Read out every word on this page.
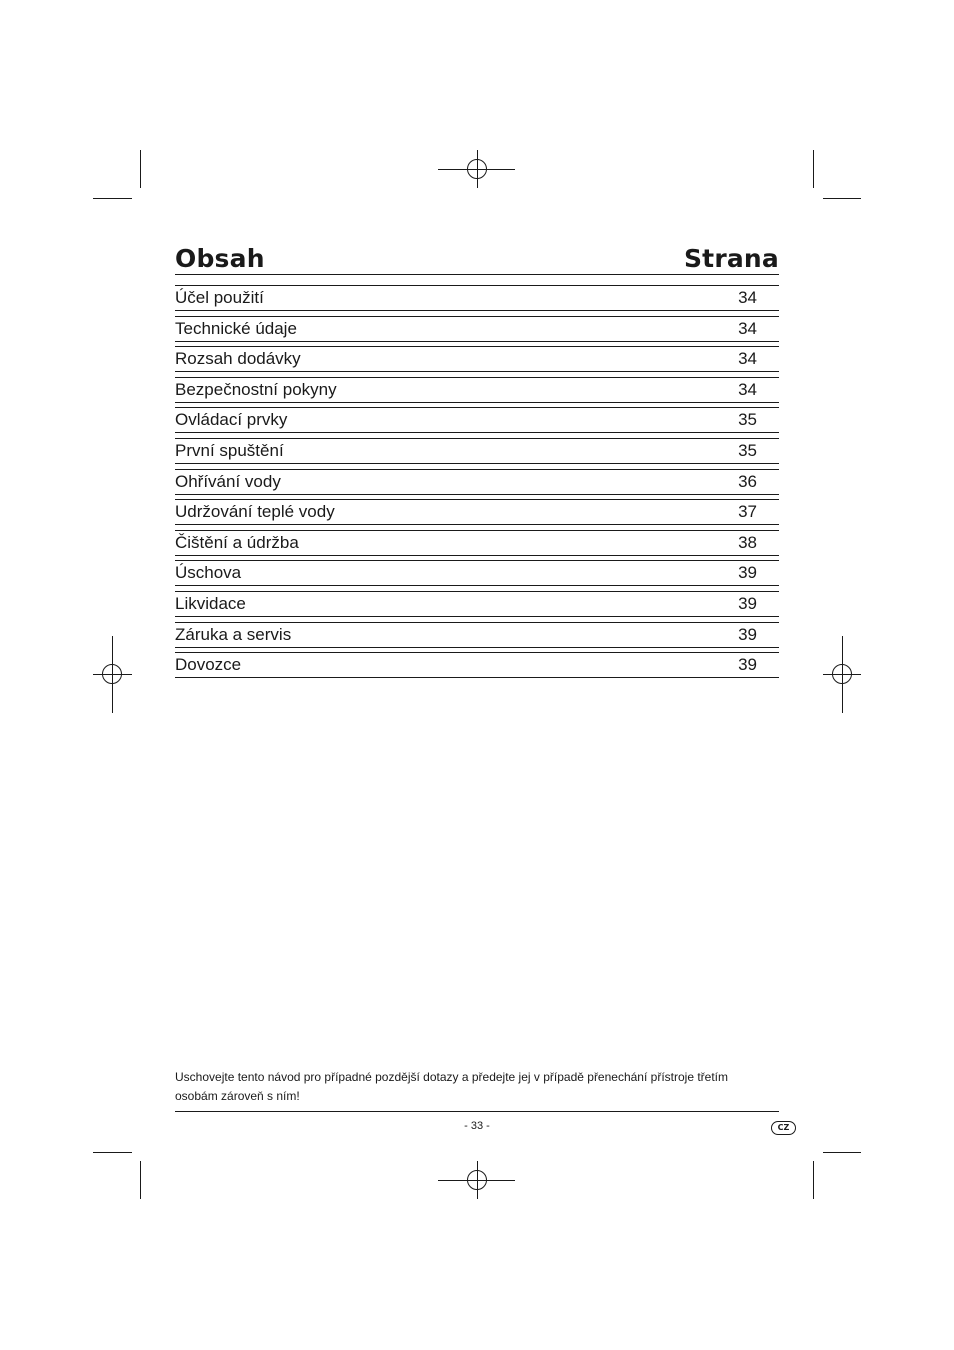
Obsah	Strana
Účel použití	34
Technické údaje	34
Rozsah dodávky	34
Bezpečnostní pokyny	34
Ovládací prvky	35
První spuštění	35
Ohřívání vody	36
Udržování teplé vody	37
Čištění a údržba	38
Úschova	39
Likvidace	39
Záruka a servis	39
Dovozce	39
Uschovejte tento návod pro případné pozdější dotazy a předejte jej v případě přenechání přístroje třetím
osobám zároveň s ním!
- 33 -	CZ
